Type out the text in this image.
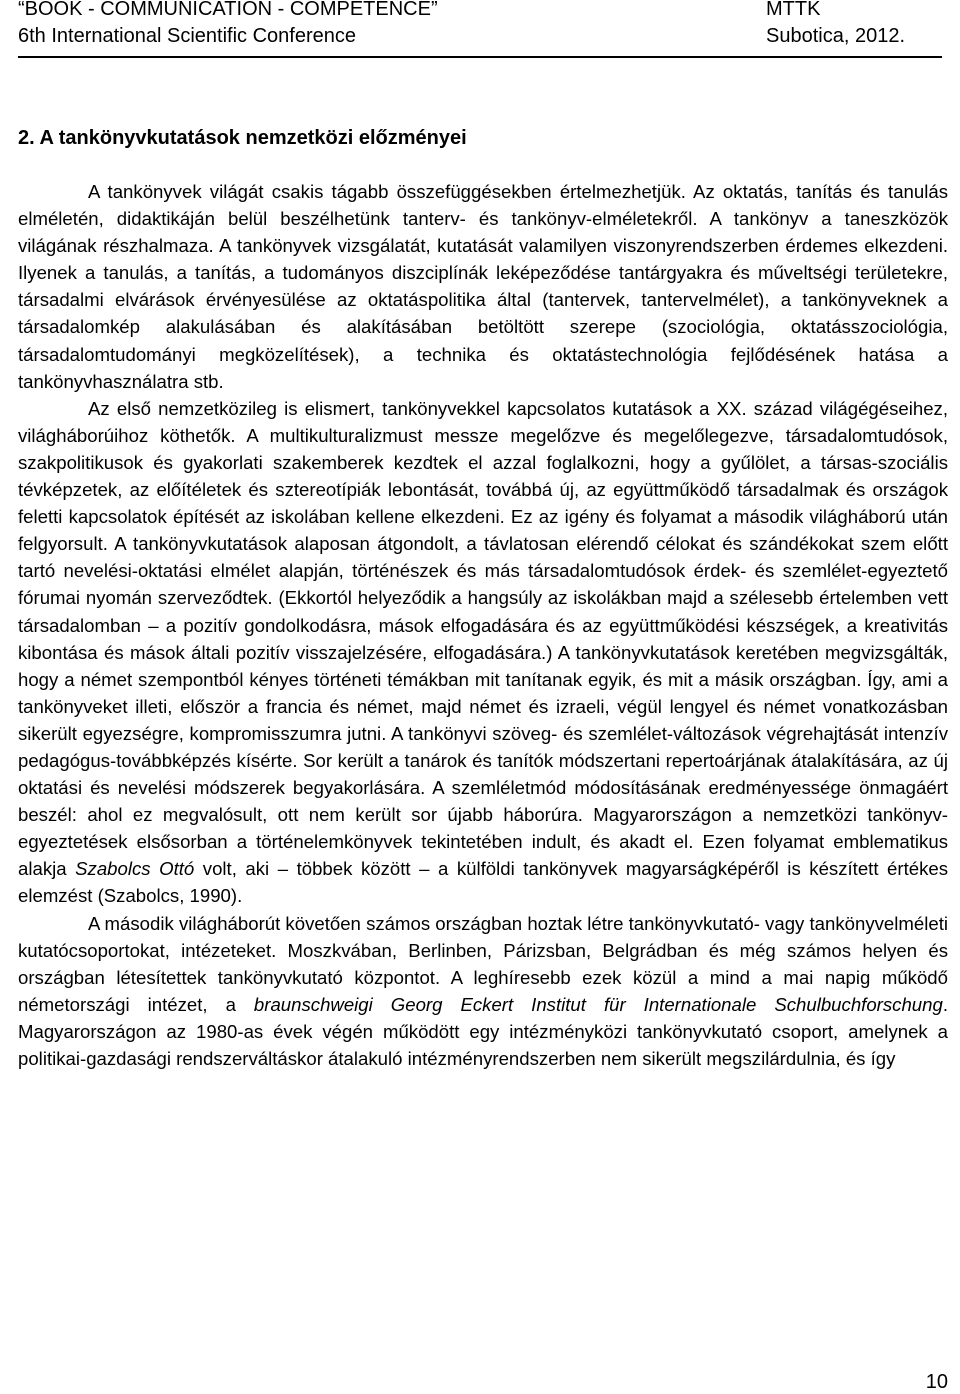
“BOOK - COMMUNICATION - COMPETENCE”	MTTK
6th International Scientific Conference	Subotica, 2012.
2. A tankönyvkutatások nemzetközi előzményei

A tankönyvek világát csakis tágabb összefüggésekben értelmezhetjük. Az oktatás, tanítás és tanulás elméletén, didaktikáján belül beszélhetünk tanterv- és tankönyv-elméletekről. A tankönyv a taneszközök világának részhalmaza. A tankönyvek vizsgálatát, kutatását valamilyen viszonyrendszerben érdemes elkezdeni. Ilyenek a tanulás, a tanítás, a tudományos diszciplínák leképeződése tantárgyakra és műveltségi területekre, társadalmi elvárások érvényesülése az oktatáspolitika által (tantervek, tantervelmélet), a tankönyveknek a társadalomkép alakulásában és alakításában betöltött szerepe (szociológia, oktatásszociológia, társadalomtudományi megközelítések), a technika és oktatástechnológia fejlődésének hatása a tankönyvhasználatra stb.

Az első nemzetközileg is elismert, tankönyvekkel kapcsolatos kutatások a XX. század világégéseihez, világháborúihoz köthetők. A multikulturalizmust messze megelőzve és megelőlegezve, társadalomtudósok, szakpolitikusok és gyakorlati szakemberek kezdtek el azzal foglalkozni, hogy a gyűlölet, a társas-szociális tévképzetek, az előítéletek és sztereotípiák lebontását, továbbá új, az együttműködő társadalmak és országok feletti kapcsolatok építését az iskolában kellene elkezdeni. Ez az igény és folyamat a második világháború után felgyorsult. A tankönyvkutatások alaposan átgondolt, a távlatosan elérendő célokat és szándékokat szem előtt tartó nevelési-oktatási elmélet alapján, történészek és más társadalomtudósok érdek- és szemlélet-egyeztető fórumai nyomán szerveződtek. (Ekkortól helyeződik a hangsúly az iskolákban majd a szélesebb értelemben vett társadalomban – a pozitív gondolkodásra, mások elfogadására és az együttműködési készségek, a kreativitás kibontása és mások általi pozitív visszajelzésére, elfogadására.) A tankönyvkutatások keretében megvizsgálták, hogy a német szempontból kényes történeti témákban mit tanítanak egyik, és mit a másik országban. Így, ami a tankönyveket illeti, először a francia és német, majd német és izraeli, végül lengyel és német vonatkozásban sikerült egyezségre, kompromisszumra jutni. A tankönyvi szöveg- és szemlélet-változások végrehajtását intenzív pedagógus-továbbképzés kísérte. Sor került a tanárok és tanítók módszertani repertoárjának átalakítására, az új oktatási és nevelési módszerek begyakorlására. A szemléletmód módosításának eredményessége önmagáért beszél: ahol ez megvalósult, ott nem került sor újabb háborúra. Magyarországon a nemzetközi tankönyv-egyeztetések elsősorban a történelemkönyvek tekintetében indult, és akadt el. Ezen folyamat emblematikus alakja Szabolcs Ottó volt, aki – többek között – a külföldi tankönyvek magyarságképéről is készített értékes elemzést (Szabolcs, 1990).

A második világháborút követően számos országban hoztak létre tankönyvkutató- vagy tankönyvelméleti kutatócsoportokat, intézeteket. Moszkvában, Berlinben, Párizsban, Belgrádban és még számos helyen és országban létesítettek tankönyvkutató központot. A leghíresebb ezek közül a mind a mai napig működő németországi intézet, a braunschweigi Georg Eckert Institut für Internationale Schulbuchforschung. Magyarországon az 1980-as évek végén működött egy intézményközi tankönyvkutató csoport, amelynek a politikai-gazdasági rendszerváltáskor átalakuló intézményrendszerben nem sikerült megszilárdulnia, és így

10
